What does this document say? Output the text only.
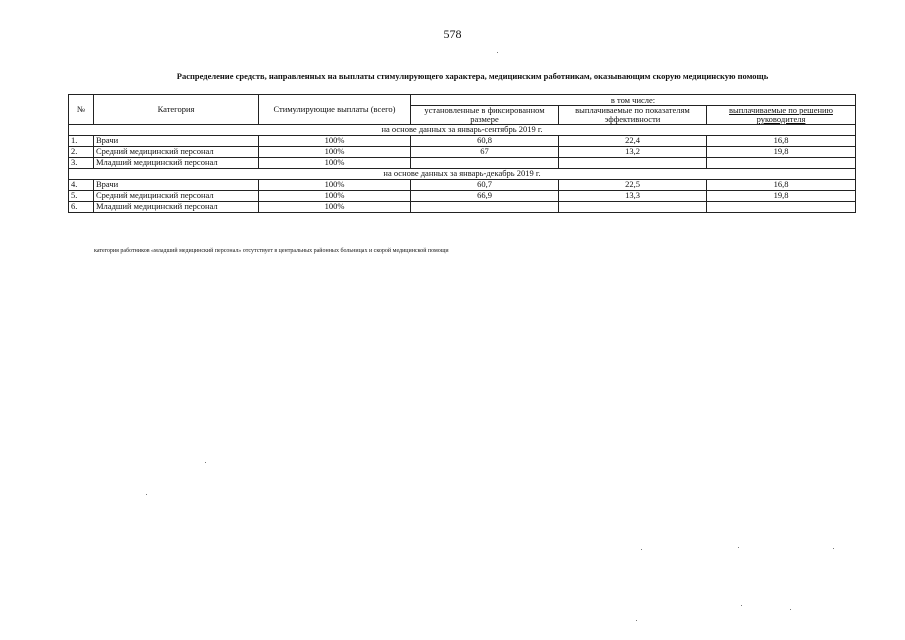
578
Распределение средств, направленных на выплаты стимулирующего характера, медицинским работникам, оказывающим скорую медицинскую помощь
№	Категория	Стимулирующие выплаты (всего)	в том числе:		
			установленные в фиксированном размере	выплачиваемые по показателям эффективности	выплачиваемые по решению руководителя
на основе данных за январь-сентябрь 2019 г.					
1.	Врачи	100%	60,8	22,4	16,8
2.	Средний медицинский персонал	100%	67	13,2	19,8
3.	Младший медицинский персонал	100%			
на основе данных за январь-декабрь 2019 г.					
4.	Врачи	100%	60,7	22,5	16,8
5.	Средний медицинский персонал	100%	66,9	13,3	19,8
6.	Младший медицинский персонал	100%			
категория работников «младший медицинский персонал» отсутствует в центральных районных больницах и скорой медицинской помощи
